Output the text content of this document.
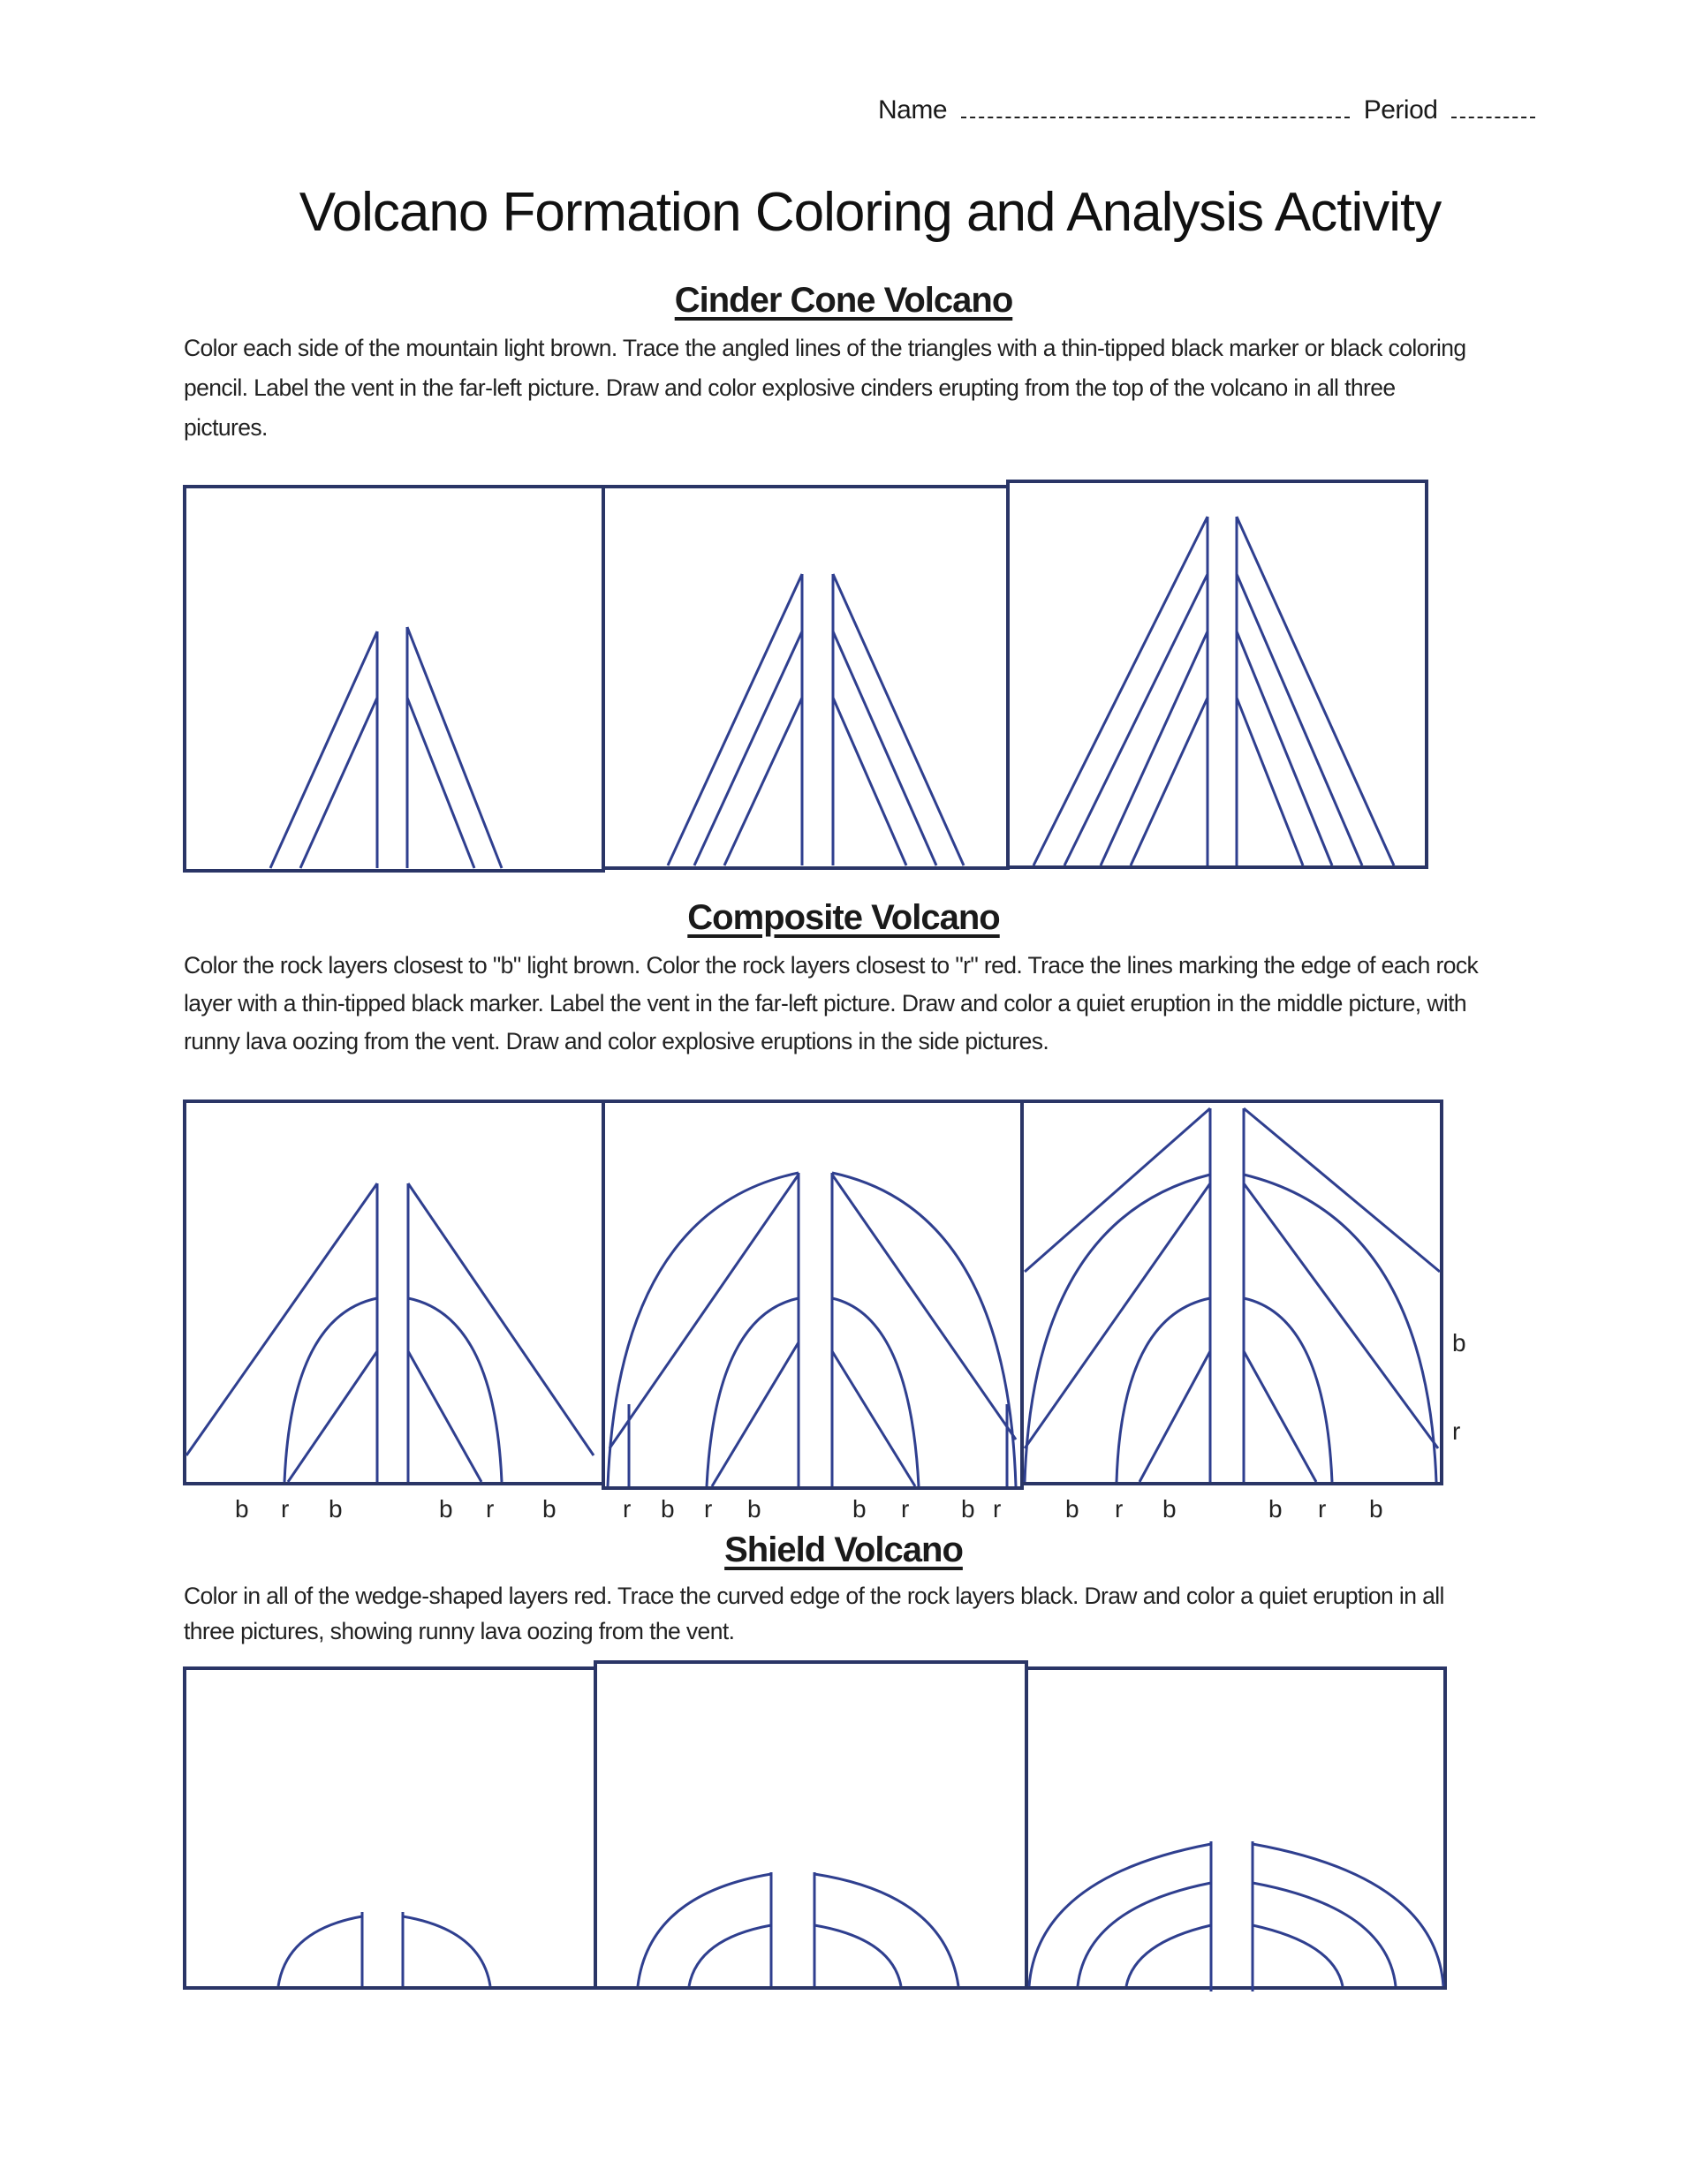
Name	Period
Volcano Formation Coloring and Analysis Activity
Cinder Cone Volcano
Color each side of the mountain light brown. Trace the angled lines of the triangles with a thin-tipped black marker or black coloring pencil. Label the vent in the far-left picture. Draw and color explosive cinders erupting from the top of the volcano in all three pictures.
Composite Volcano
Color the rock layers closest to "b" light brown. Color the rock layers closest to "r" red. Trace the lines marking the edge of each rock layer with a thin-tipped black marker. Label the vent in the far-left picture. Draw and color a quiet eruption in the middle picture, with runny lava oozing from the vent. Draw and color explosive eruptions in the side pictures.
Shield Volcano
Color in all of the wedge-shaped layers red. Trace the curved edge of the rock layers black. Draw and color a quiet eruption in all three pictures, showing runny lava oozing from the vent.
b r b	b r b	r b r b	b r b r	b r b	b r b
b
r
